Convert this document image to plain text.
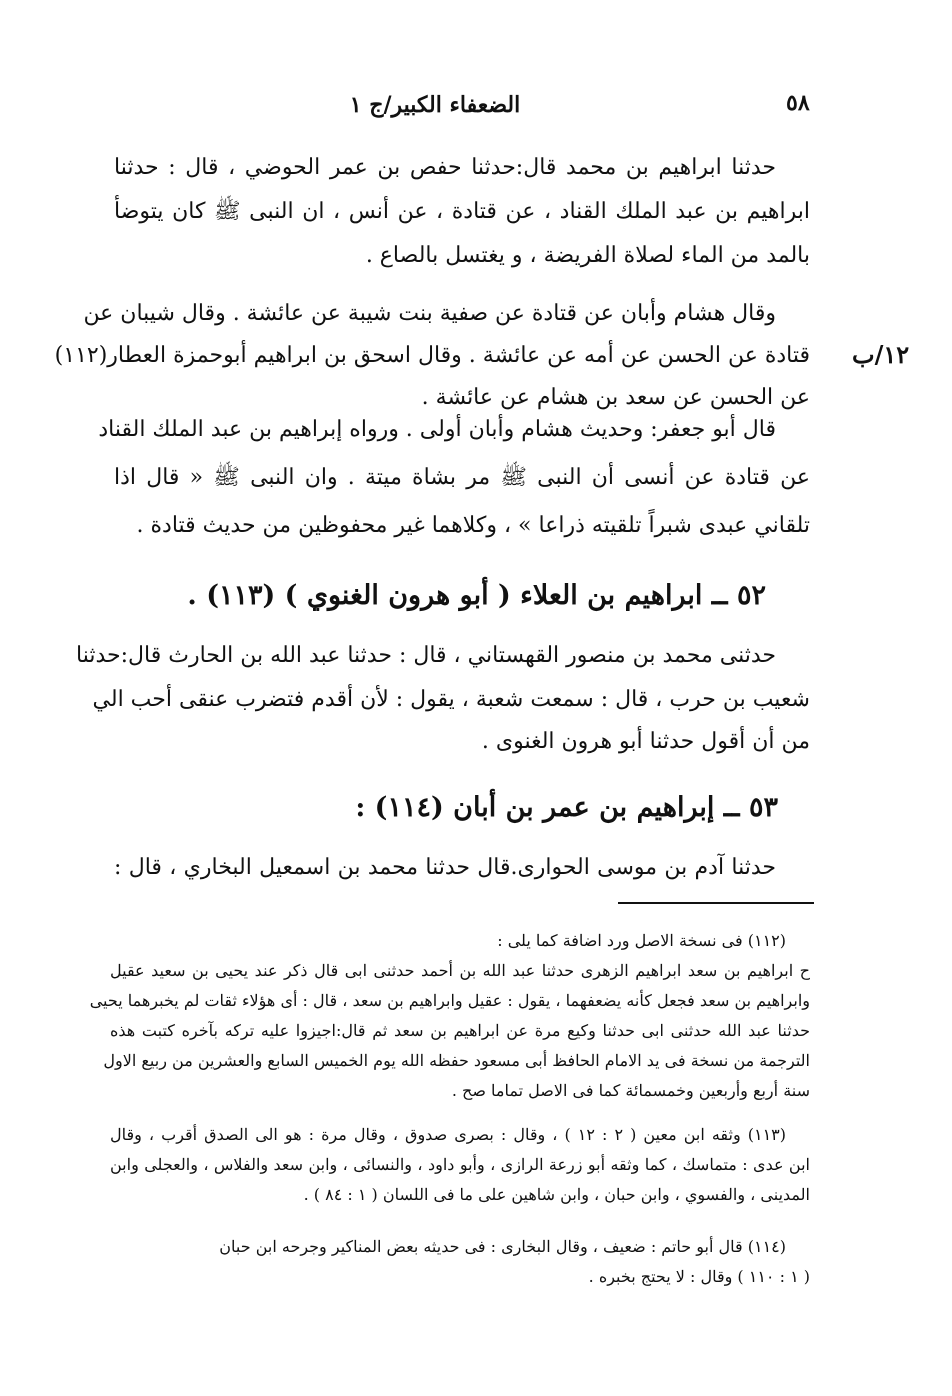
٥٨
الضعفاء الكبير/ج ١
١٢/ب
حدثنا ابراهيم بن محمد قال:حدثنا حفص بن عمر الحوضي ، قال : حدثنا
ابراهيم بن عبد الملك القناد ، عن قتادة ، عن أنس ، ان النبى ﷺ كان يتوضأ
بالمد من الماء لصلاة الفريضة ، و يغتسل بالصاع .
وقال هشام وأبان عن قتادة عن صفية بنت شيبة عن عائشة . وقال شيبان عن
قتادة عن الحسن عن أمه عن عائشة . وقال اسحق بن ابراهيم أبوحمزة العطار(١١٢)
عن الحسن عن سعد بن هشام عن عائشة .
قال أبو جعفر: وحديث هشام وأبان أولى . ورواه إبراهيم بن عبد الملك القناد
عن قتادة عن أنسى أن النبى ﷺ مر بشاة ميتة . وان النبى ﷺ « قال اذا
تلقاني عبدى شبراً تلقيته ذراعا » ، وكلاهما غير محفوظين من حديث قتادة .
٥٢ ــ ابراهيم بن العلاء ( أبو هرون الغنوي ) (١١٣) .
حدثنى محمد بن منصور القهستاني ، قال : حدثنا عبد الله بن الحارث قال:حدثنا
شعيب بن حرب ، قال : سمعت شعبة ، يقول : لأن أقدم فتضرب عنقى أحب الي
من أن أقول حدثنا أبو هرون الغنوى .
٥٣ ــ إبراهيم بن عمر بن أبان (١١٤) :
حدثنا آدم بن موسى الحوارى.قال حدثنا محمد بن اسمعيل البخاري ، قال :
(١١٢) فى نسخة الاصل ورد اضافة كما يلى :
ح ابراهيم بن سعد ابراهيم الزهرى حدثنا عبد الله بن أحمد حدثنى ابى قال ذكر عند يحيى بن سعيد عقيل
وابراهيم بن سعد فجعل كأنه يضعفهما ، يقول : عقيل وابراهيم بن سعد ، قال : أى هؤلاء ثقات لم يخبرهما يحيى
حدثنا عبد الله حدثنى ابى حدثنا وكيع مرة عن ابراهيم بن سعد ثم قال:اجيزوا عليه تركه بآخره كتبت هذه
الترجمة من نسخة فى يد الامام الحافظ أبى مسعود حفظه الله يوم الخميس السابع والعشرين من ربيع الاول
سنة أربع وأربعين وخمسمائة كما فى الاصل تماما صح .
(١١٣) وثقه ابن معين ( ٢ : ١٢ ) ، وقال : بصرى صدوق ، وقال مرة : هو الى الصدق أقرب ، وقال
ابن عدى : متماسك ، كما وثقه أبو زرعة الرازى ، وأبو داود ، والنسائى ، وابن سعد والفلاس ، والعجلى وابن
المدينى ، والفسوي ، وابن حبان ، وابن شاهين على ما فى اللسان ( ١ : ٨٤ ) .
(١١٤) قال أبو حاتم : ضعيف ، وقال البخارى : فى حديثه بعض المناكير وجرحه ابن حبان
( ١ : ١١٠ ) وقال : لا يحتج بخبره .
